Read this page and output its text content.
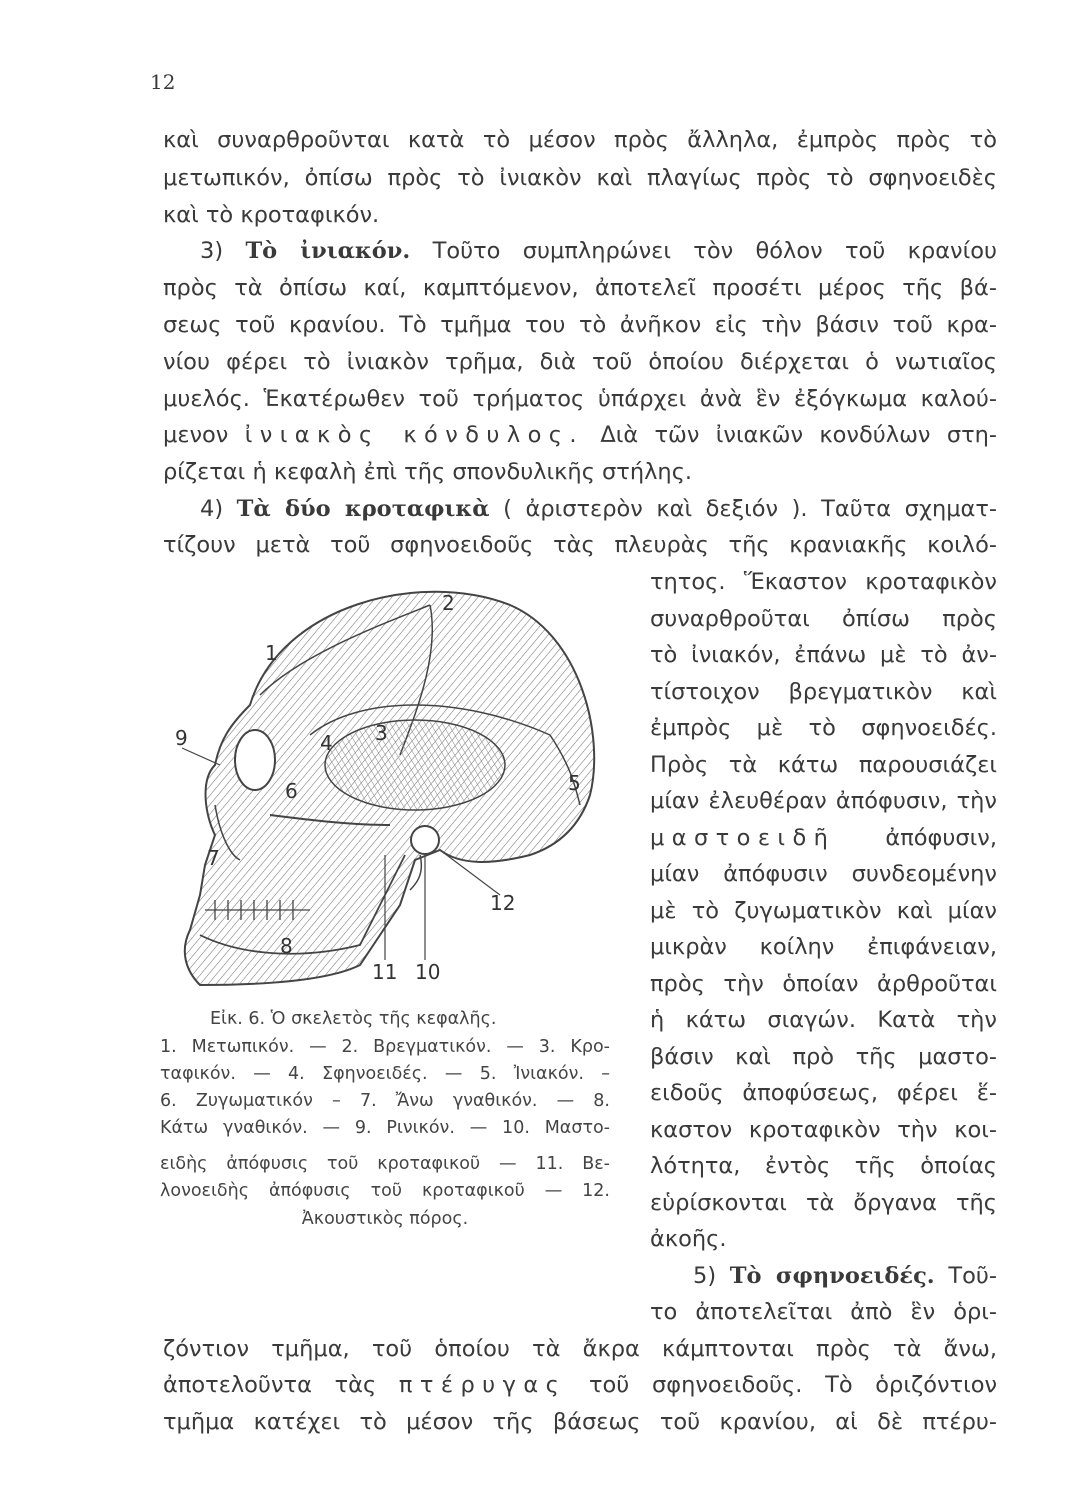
12
καὶ συναρθροῦνται κατὰ τὸ μέσον πρὸς ἄλληλα, ἐμπρὸς πρὸς τὸ
μετωπικόν, ὀπίσω πρὸς τὸ ἰνιακὸν καὶ πλαγίως πρὸς τὸ σφηνοειδὲς
καὶ τὸ κροταφικόν.
3) Τὸ ἰνιακόν. Τοῦτο συμπληρώνει τὸν θόλον τοῦ κρανίου
πρὸς τὰ ὀπίσω καί, καμπτόμενον, ἀποτελεῖ προσέτι μέρος τῆς βά-
σεως τοῦ κρανίου. Τὸ τμῆμα του τὸ ἀνῆκον εἰς τὴν βάσιν τοῦ κρα-
νίου φέρει τὸ ἰνιακὸν τρῆμα, διὰ τοῦ ὁποίου διέρχεται ὁ νωτιαῖος
μυελός. Ἑκατέρωθεν τοῦ τρήματος ὑπάρχει ἀνὰ ἓν ἐξόγκωμα καλού-
μενον ἰνιακὸς κόνδυλος. Διὰ τῶν ἰνιακῶν κονδύλων στη-
ρίζεται ἡ κεφαλὴ ἐπὶ τῆς σπονδυλικῆς στήλης.
4) Τὰ δύο κροταφικὰ ( ἀριστερὸν καὶ δεξιόν ). Ταῦτα σχηματ-
τίζουν μετὰ τοῦ σφηνοειδοῦς τὰς πλευρὰς τῆς κρανιακῆς κοιλό-
τητος. Ἕκαστον κροταφικὸν
συναρθροῦται ὀπίσω πρὸς
τὸ ἰνιακόν, ἐπάνω μὲ τὸ ἀν-
τίστοιχον βρεγματικὸν καὶ
ἐμπρὸς μὲ τὸ σφηνοειδές.
Πρὸς τὰ κάτω παρουσιάζει
μίαν ἐλευθέραν ἀπόφυσιν, τὴν
μαστοειδῆ ἀπόφυσιν,
μίαν ἀπόφυσιν συνδεομένην
μὲ τὸ ζυγωματικὸν καὶ μίαν
μικρὰν κοίλην ἐπιφάνειαν,
πρὸς τὴν ὁποίαν ἀρθροῦται
ἡ κάτω σιαγών. Κατὰ τὴν
βάσιν καὶ πρὸ τῆς μαστο-
ειδοῦς ἀποφύσεως, φέρει ἕ-
καστον κροταφικὸν τὴν κοι-
λότητα, ἐντὸς τῆς ὁποίας
εὑρίσκονται τὰ ὄργανα τῆς
ἀκοῆς.
5) Τὸ σφηνοειδές. Τοῦ-
το ἀποτελεῖται ἀπὸ ἓν ὁρι-
ζόντιον τμῆμα, τοῦ ὁποίου τὰ ἄκρα κάμπτονται πρὸς τὰ ἄνω,
ἀποτελοῦντα τὰς πτέρυγας τοῦ σφηνοειδοῦς. Τὸ ὁριζόντιον
τμῆμα κατέχει τὸ μέσον τῆς βάσεως τοῦ κρανίου, αἱ δὲ πτέρυ-
1
2
3
4
5
6
7
8
9
10
11
12
Εἰκ. 6. Ὁ σκελετὸς τῆς κεφαλῆς.
1. Μετωπικόν. — 2. Βρεγματικόν. — 3. Κρο-
ταφικόν. — 4. Σφηνοειδές. — 5. Ἰνιακόν. –
6. Ζυγωματικόν – 7. Ἄνω γναθικόν. — 8.
Κάτω γναθικόν. — 9. Ρινικόν. — 10. Μαστο-
ειδὴς ἀπόφυσις τοῦ κροταφικοῦ — 11. Βε-
λονοειδὴς ἀπόφυσις τοῦ κροταφικοῦ — 12.
Ἀκουστικὸς πόρος.
